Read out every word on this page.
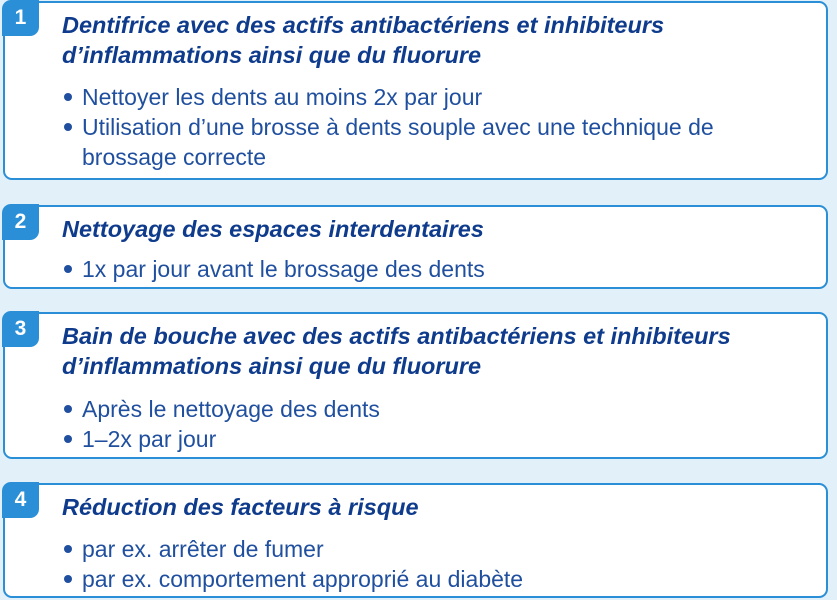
1	Dentifrice avec des actifs antibactériens et inhibiteurs d’inflammations ainsi que du fluorure
Nettoyer les dents au moins 2x par jour
Utilisation d’une brosse à dents souple avec une technique de brossage correcte
2	Nettoyage des espaces interdentaires
1x par jour avant le brossage des dents
3	Bain de bouche avec des actifs antibactériens et inhibiteurs d’inflammations ainsi que du fluorure
Après le nettoyage des dents
1–2x par jour
4	Réduction des facteurs à risque
par ex. arrêter de fumer
par ex. comportement approprié au diabète
